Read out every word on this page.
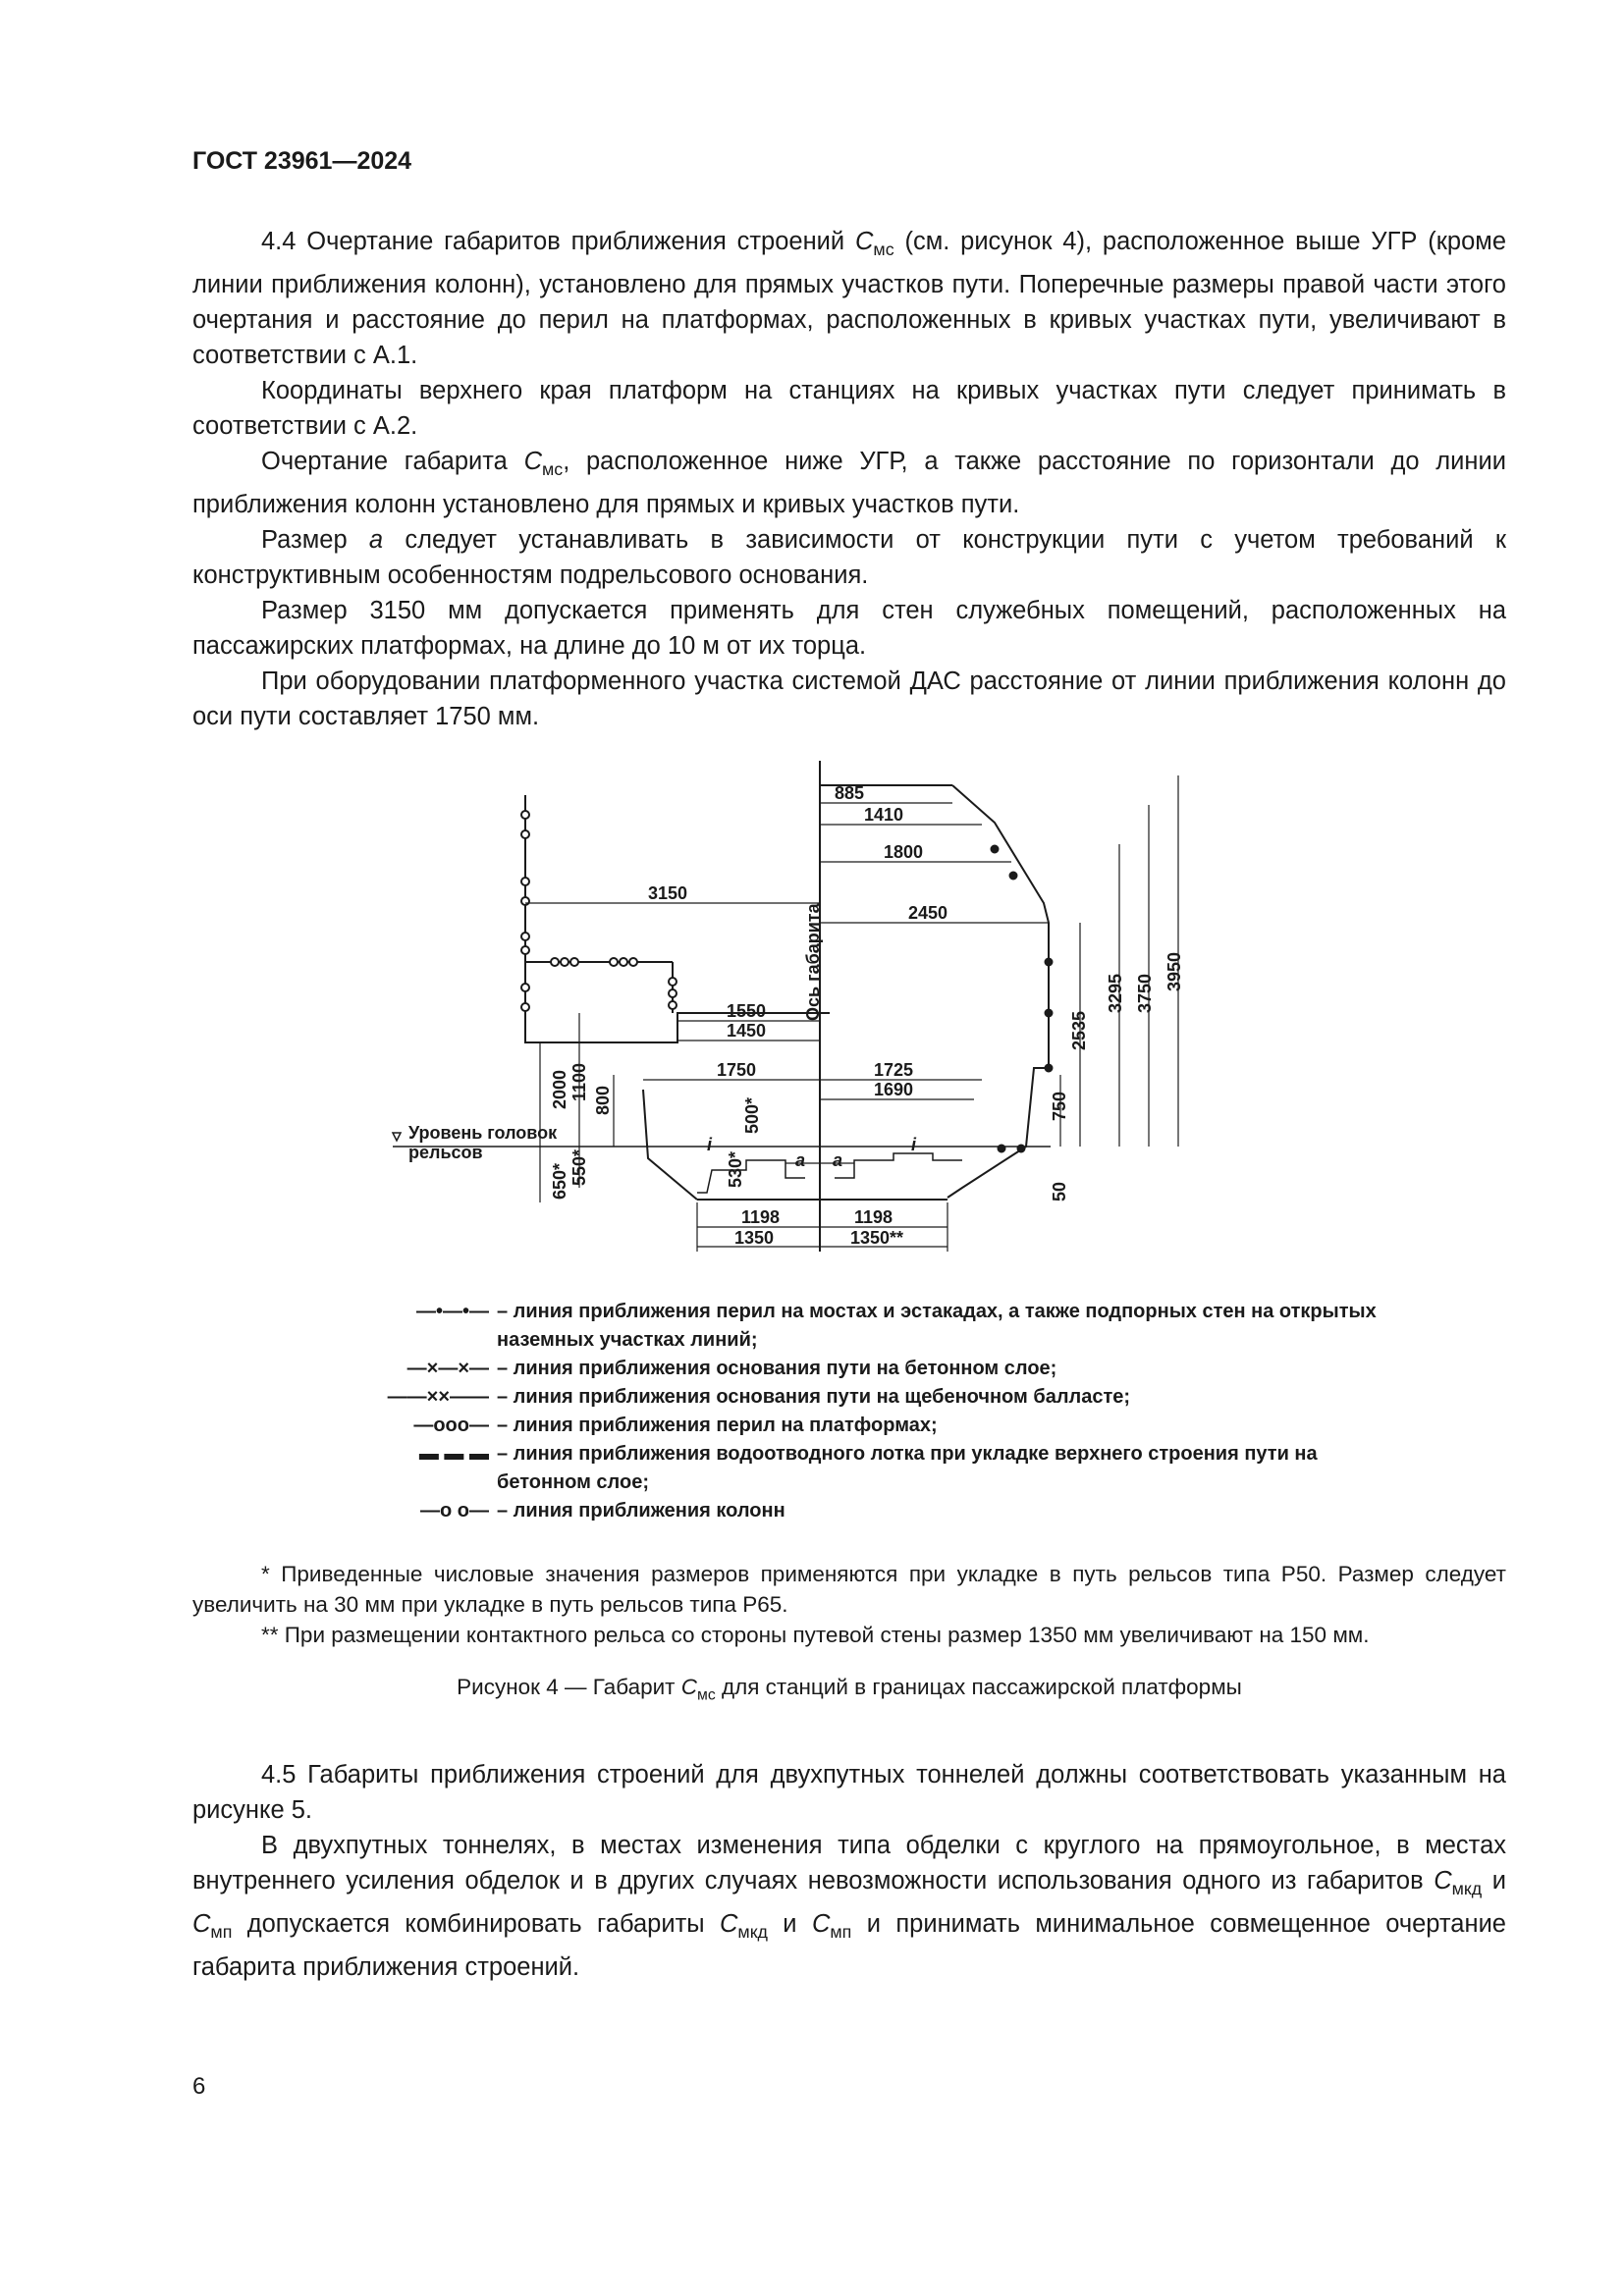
ГОСТ 23961—2024

4.4 Очертание габаритов приближения строений $С_{мс}$ (см. рисунок 4), расположенное выше УГР (кроме линии приближения колонн), установлено для прямых участков пути. Поперечные размеры правой части этого очертания и расстояние до перил на платформах, расположенных в кривых участках пути, увеличивают в соответствии с А.1.

Координаты верхнего края платформ на станциях на кривых участках пути следует принимать в соответствии с А.2.

Очертание габарита $С_{мс}$, расположенное ниже УГР, а также расстояние по горизонтали до линии приближения колонн установлено для прямых и кривых участков пути.

Размер а следует устанавливать в зависимости от конструкции пути с учетом требований к конструктивным особенностям подрельсового основания.

Размер 3150 мм допускается применять для стен служебных помещений, расположенных на пассажирских платформах, на длине до 10 м от их торца.

При оборудовании платформенного участка системой ДАС расстояние от линии приближения колонн до оси пути составляет 1750 мм.

885
1410
1800
3150
2450
1550
1450
1750	1725
1690
Ось габарита
2000 1100 800	500*
530*
650* 550*	a a
i	i
1198	1198
1350	1350**
2535
3295 3750
3950
750
50
Уровень головок
рельсов
—•—•— – линия приближения перил на мостах и эстакадах, а также подпорных стен на открытых наземных участках линий;
—×—×— – линия приближения основания пути на бетонном слое;
——××—— – линия приближения основания пути на щебеночном балласте;
—ооо— – линия приближения перил на платформах;
▬ ▬ ▬ – линия приближения водоотводного лотка при укладке верхнего строения пути на бетонном слое;
—о о— – линия приближения колонн

* Приведенные числовые значения размеров применяются при укладке в путь рельсов типа Р50. Размер следует увеличить на 30 мм при укладке в путь рельсов типа Р65.

** При размещении контактного рельса со стороны путевой стены размер 1350 мм увеличивают на 150 мм.

Рисунок 4 — Габарит $С_{мс}$ для станций в границах пассажирской платформы

4.5 Габариты приближения строений для двухпутных тоннелей должны соответствовать указанным на рисунке 5.

В двухпутных тоннелях, в местах изменения типа обделки с круглого на прямоугольное, в местах внутреннего усиления обделок и в других случаях невозможности использования одного из габаритов $С_{мкд}$ и $С_{мп}$ допускается комбинировать габариты $С_{мкд}$ и $С_{мп}$ и принимать минимальное совмещенное очертание габарита приближения строений.

6
